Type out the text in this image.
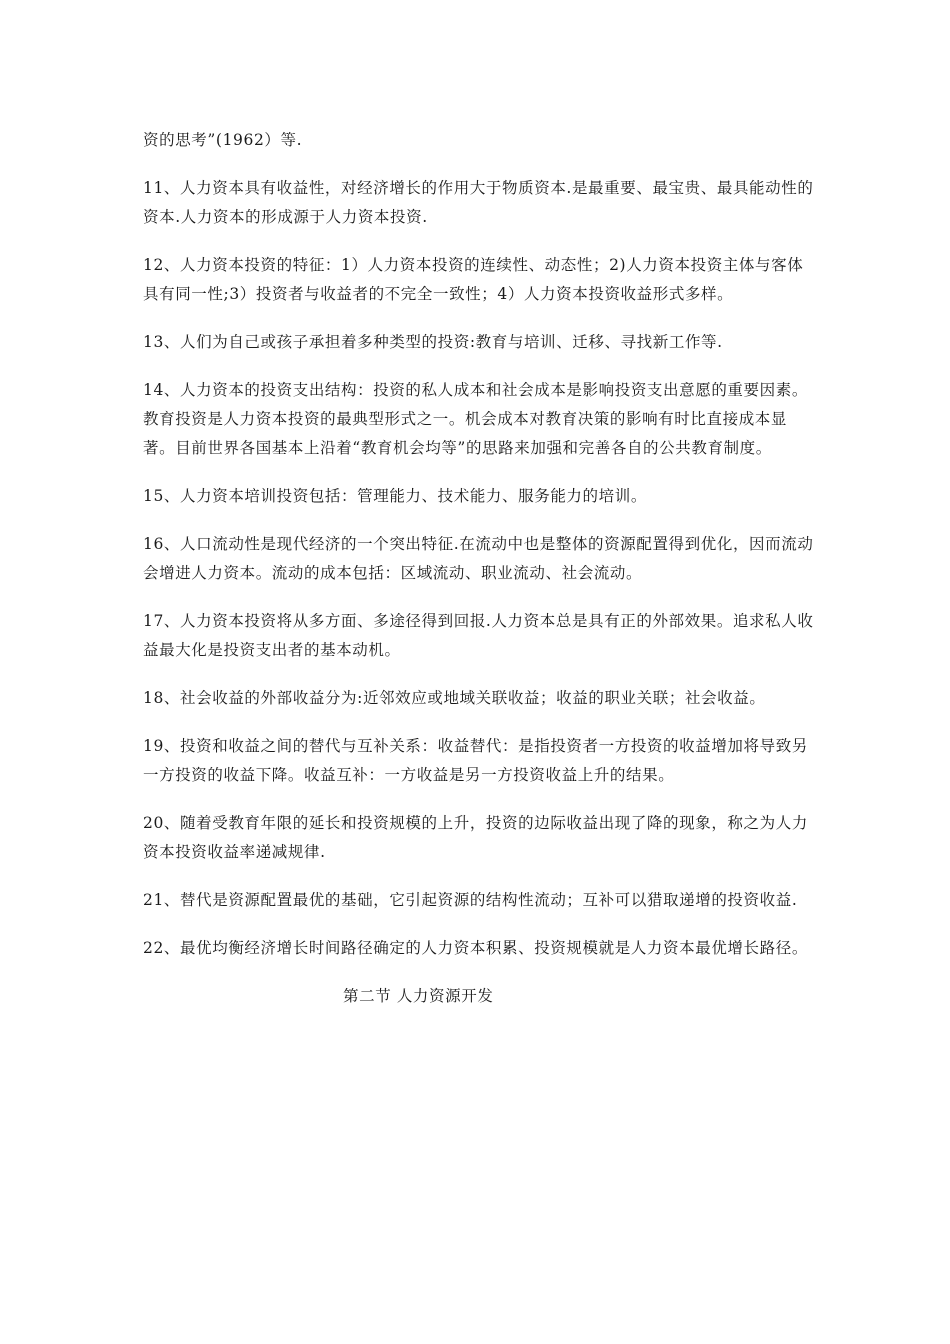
资的思考”(1962）等.

11、人力资本具有收益性，对经济增长的作用大于物质资本.是最重要、最宝贵、最具能动性的资本.人力资本的形成源于人力资本投资.

12、人力资本投资的特征：1）人力资本投资的连续性、动态性；2)人力资本投资主体与客体具有同一性;3）投资者与收益者的不完全一致性；4）人力资本投资收益形式多样。

13、人们为自己或孩子承担着多种类型的投资:教育与培训、迁移、寻找新工作等.

14、人力资本的投资支出结构：投资的私人成本和社会成本是影响投资支出意愿的重要因素。教育投资是人力资本投资的最典型形式之一。机会成本对教育决策的影响有时比直接成本显著。目前世界各国基本上沿着“教育机会均等”的思路来加强和完善各自的公共教育制度。

15、人力资本培训投资包括：管理能力、技术能力、服务能力的培训。

16、人口流动性是现代经济的一个突出特征.在流动中也是整体的资源配置得到优化，因而流动会增进人力资本。流动的成本包括：区域流动、职业流动、社会流动。

17、人力资本投资将从多方面、多途径得到回报.人力资本总是具有正的外部效果。追求私人收益最大化是投资支出者的基本动机。

18、社会收益的外部收益分为:近邻效应或地域关联收益；收益的职业关联；社会收益。

19、投资和收益之间的替代与互补关系：收益替代：是指投资者一方投资的收益增加将导致另一方投资的收益下降。收益互补：一方收益是另一方投资收益上升的结果。

20、随着受教育年限的延长和投资规模的上升，投资的边际收益出现了降的现象，称之为人力资本投资收益率递减规律.

21、替代是资源配置最优的基础，它引起资源的结构性流动；互补可以猎取递增的投资收益.

22、最优均衡经济增长时间路径确定的人力资本积累、投资规模就是人力资本最优增长路径。

第二节 人力资源开发
